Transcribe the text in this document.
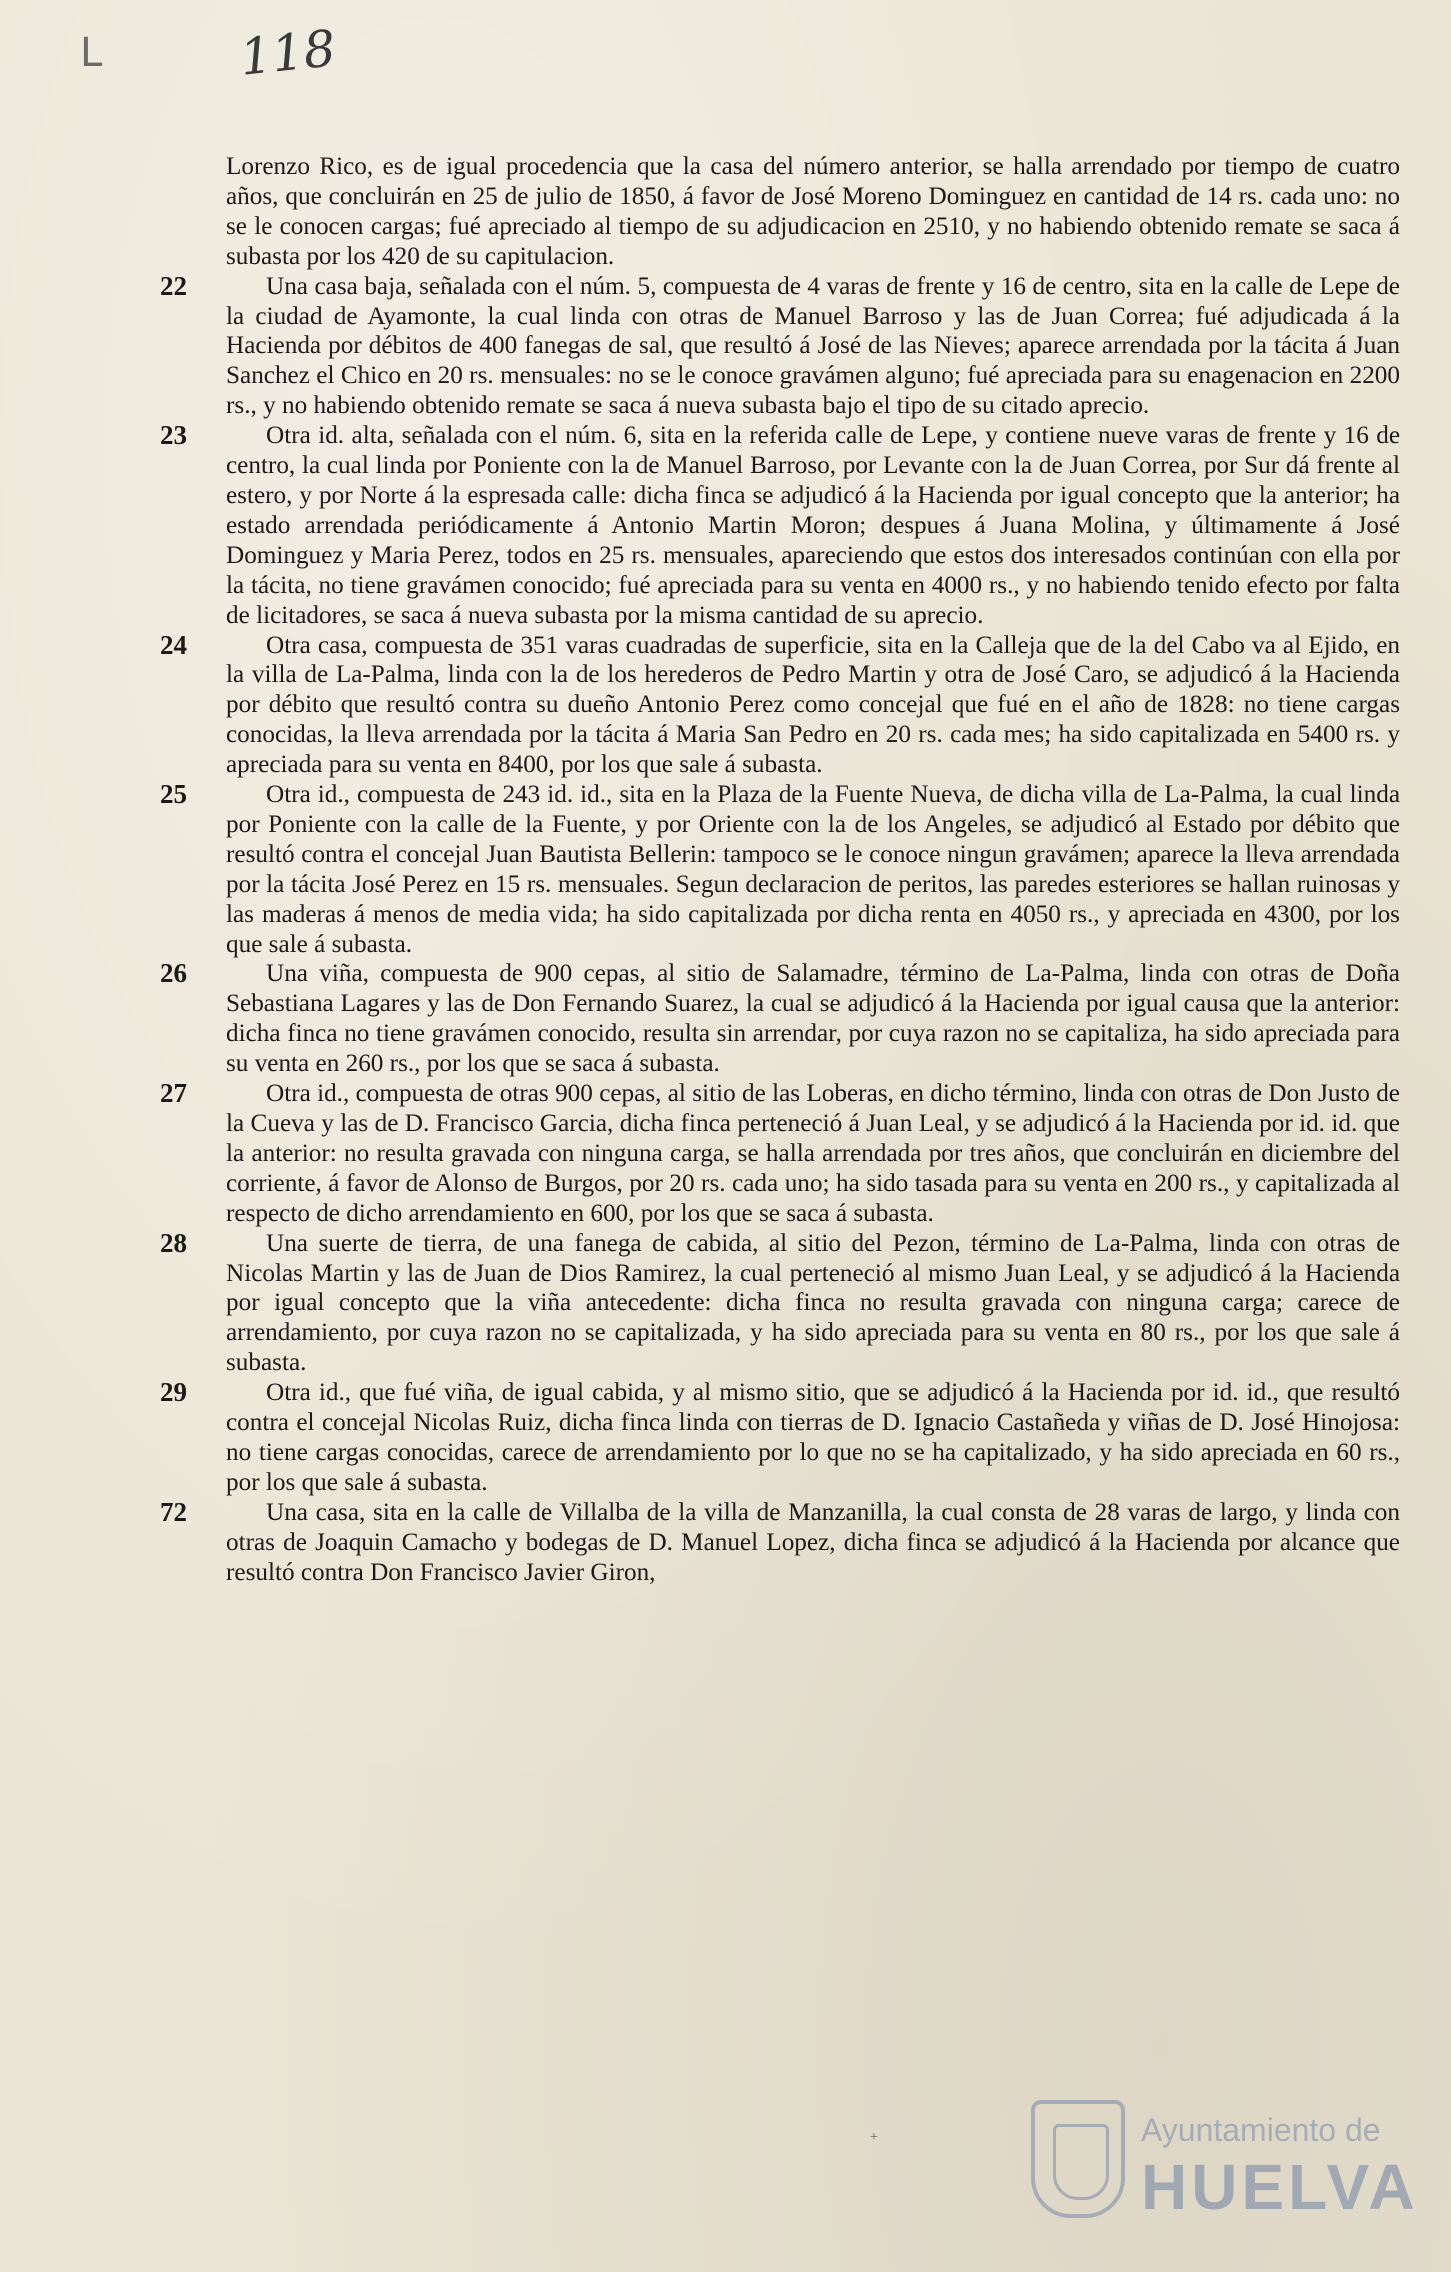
L	118

Lorenzo Rico, es de igual procedencia que la casa del número anterior, se halla arrendado por tiempo de cuatro años, que concluirán en 25 de julio de 1850, á favor de José Moreno Dominguez en cantidad de 14 rs. cada uno: no se le conocen cargas; fué apreciado al tiempo de su adjudicacion en 2510, y no habiendo obtenido remate se saca á subasta por los 420 de su capitulacion.

22	Una casa baja, señalada con el núm. 5, compuesta de 4 varas de frente y 16 de centro, sita en la calle de Lepe de la ciudad de Ayamonte, la cual linda con otras de Manuel Barroso y las de Juan Correa; fué adjudicada á la Hacienda por débitos de 400 fanegas de sal, que resultó á José de las Nieves; aparece arrendada por la tácita á Juan Sanchez el Chico en 20 rs. mensuales: no se le conoce gravámen alguno; fué apreciada para su enagenacion en 2200 rs., y no habiendo obtenido remate se saca á nueva subasta bajo el tipo de su citado aprecio.

23	Otra id. alta, señalada con el núm. 6, sita en la referida calle de Lepe, y contiene nueve varas de frente y 16 de centro, la cual linda por Poniente con la de Manuel Barroso, por Levante con la de Juan Correa, por Sur dá frente al estero, y por Norte á la espresada calle: dicha finca se adjudicó á la Hacienda por igual concepto que la anterior; ha estado arrendada periódicamente á Antonio Martin Moron; despues á Juana Molina, y últimamente á José Dominguez y Maria Perez, todos en 25 rs. mensuales, apareciendo que estos dos interesados continúan con ella por la tácita, no tiene gravámen conocido; fué apreciada para su venta en 4000 rs., y no habiendo tenido efecto por falta de licitadores, se saca á nueva subasta por la misma cantidad de su aprecio.

24	Otra casa, compuesta de 351 varas cuadradas de superficie, sita en la Calleja que de la del Cabo va al Ejido, en la villa de La-Palma, linda con la de los herederos de Pedro Martin y otra de José Caro, se adjudicó á la Hacienda por débito que resultó contra su dueño Antonio Perez como concejal que fué en el año de 1828: no tiene cargas conocidas, la lleva arrendada por la tácita á Maria San Pedro en 20 rs. cada mes; ha sido capitalizada en 5400 rs. y apreciada para su venta en 8400, por los que sale á subasta.

25	Otra id., compuesta de 243 id. id., sita en la Plaza de la Fuente Nueva, de dicha villa de La-Palma, la cual linda por Poniente con la calle de la Fuente, y por Oriente con la de los Angeles, se adjudicó al Estado por débito que resultó contra el concejal Juan Bautista Bellerin: tampoco se le conoce ningun gravámen; aparece la lleva arrendada por la tácita José Perez en 15 rs. mensuales. Segun declaracion de peritos, las paredes esteriores se hallan ruinosas y las maderas á menos de media vida; ha sido capitalizada por dicha renta en 4050 rs., y apreciada en 4300, por los que sale á subasta.

26	Una viña, compuesta de 900 cepas, al sitio de Salamadre, término de La-Palma, linda con otras de Doña Sebastiana Lagares y las de Don Fernando Suarez, la cual se adjudicó á la Hacienda por igual causa que la anterior: dicha finca no tiene gravámen conocido, resulta sin arrendar, por cuya razon no se capitaliza, ha sido apreciada para su venta en 260 rs., por los que se saca á subasta.

27	Otra id., compuesta de otras 900 cepas, al sitio de las Loberas, en dicho término, linda con otras de Don Justo de la Cueva y las de D. Francisco Garcia, dicha finca perteneció á Juan Leal, y se adjudicó á la Hacienda por id. id. que la anterior: no resulta gravada con ninguna carga, se halla arrendada por tres años, que concluirán en diciembre del corriente, á favor de Alonso de Burgos, por 20 rs. cada uno; ha sido tasada para su venta en 200 rs., y capitalizada al respecto de dicho arrendamiento en 600, por los que se saca á subasta.

28	Una suerte de tierra, de una fanega de cabida, al sitio del Pezon, término de La-Palma, linda con otras de Nicolas Martin y las de Juan de Dios Ramirez, la cual perteneció al mismo Juan Leal, y se adjudicó á la Hacienda por igual concepto que la viña antecedente: dicha finca no resulta gravada con ninguna carga; carece de arrendamiento, por cuya razon no se capitalizada, y ha sido apreciada para su venta en 80 rs., por los que sale á subasta.

29	Otra id., que fué viña, de igual cabida, y al mismo sitio, que se adjudicó á la Hacienda por id. id., que resultó contra el concejal Nicolas Ruiz, dicha finca linda con tierras de D. Ignacio Castañeda y viñas de D. José Hinojosa: no tiene cargas conocidas, carece de arrendamiento por lo que no se ha capitalizado, y ha sido apreciada en 60 rs., por los que sale á subasta.

72	Una casa, sita en la calle de Villalba de la villa de Manzanilla, la cual consta de 28 varas de largo, y linda con otras de Joaquin Camacho y bodegas de D. Manuel Lopez, dicha finca se adjudicó á la Hacienda por alcance que resultó contra Don Francisco Javier Giron,

+	Ayuntamiento de
HUELVA
